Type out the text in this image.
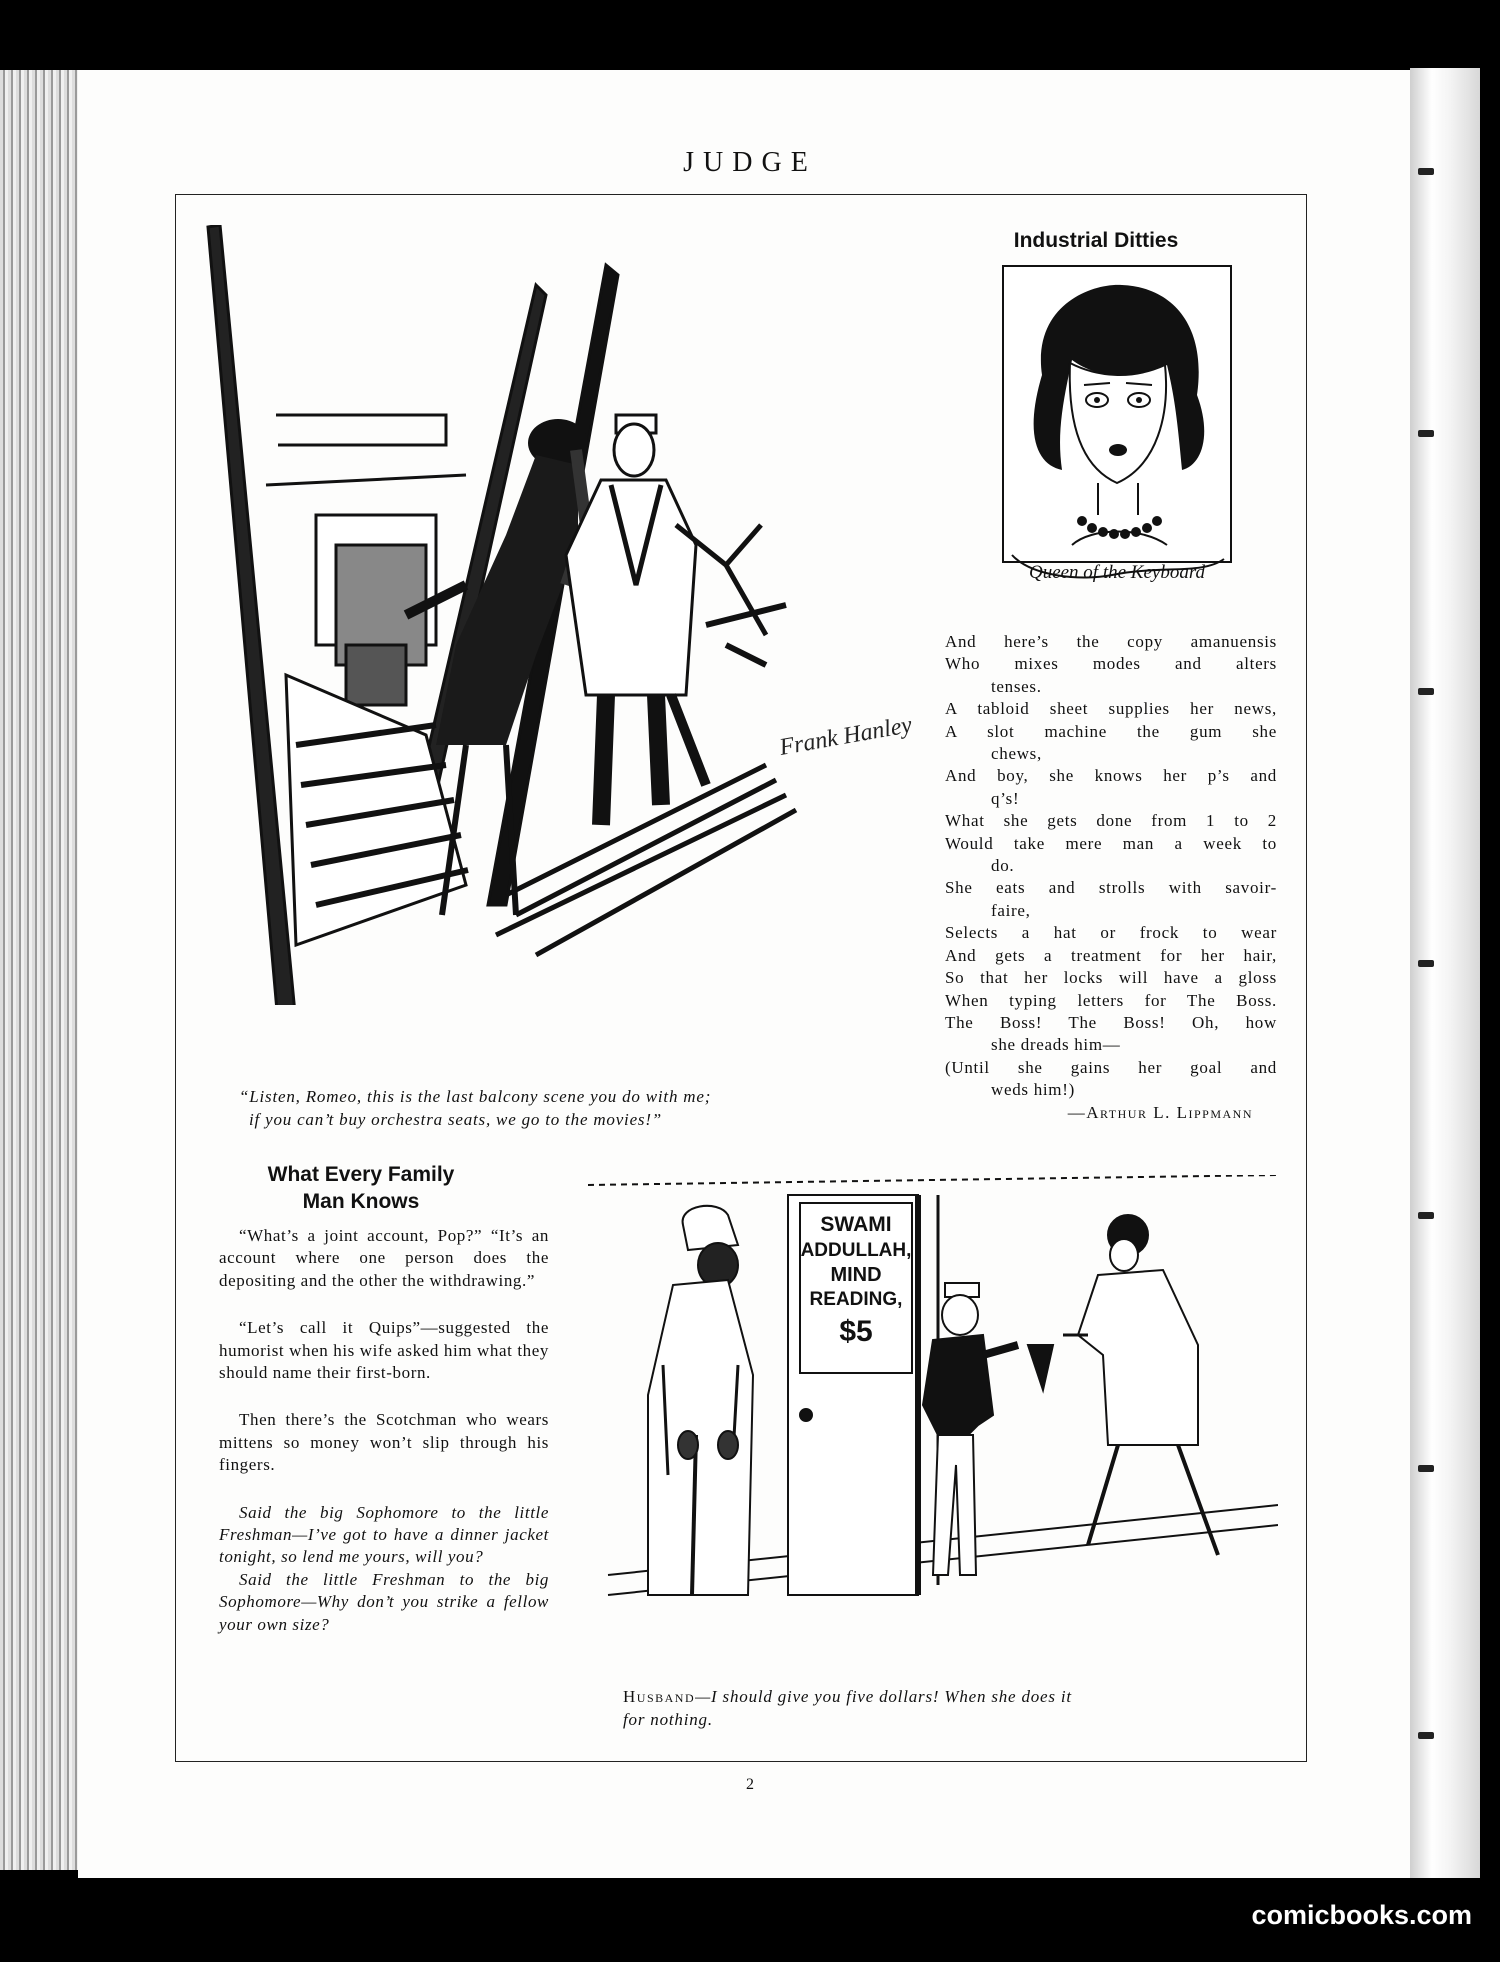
JUDGE
Frank Hanley
“Listen, Romeo, this is the last balcony scene you do with me;
if you can’t buy orchestra seats, we go to the movies!”
Industrial Ditties
Queen of the Keyboard
And here’s the copy amanuensis
Who mixes modes and alters
tenses.
A tabloid sheet supplies her news,
A slot machine the gum she
chews,
And boy, she knows her p’s and
q’s!
What she gets done from 1 to 2
Would take mere man a week to
do.
She eats and strolls with savoir-
faire,
Selects a hat or frock to wear
And gets a treatment for her hair,
So that her locks will have a gloss
When typing letters for The Boss.
The Boss! The Boss! Oh, how
she dreads him—
(Until she gains her goal and
weds him!)
—Arthur L. Lippmann
What Every Family
Man Knows

“What’s a joint account, Pop?” “It’s an account where one person does the depositing and the other the withdrawing.”

“Let’s call it Quips”—suggested the humorist when his wife asked him what they should name their first-born.

Then there’s the Scotchman who wears mittens so money won’t slip through his fingers.

Said the big Sophomore to the little Freshman—I’ve got to have a dinner jacket tonight, so lend me yours, will you?

Said the little Freshman to the big Sophomore—Why don’t you strike a fellow your own size?

SWAMI
ADDULLAH,
MIND
READING,
$5
Husband—I should give you five dollars! When she does it
for nothing.
2
comicbooks.com
